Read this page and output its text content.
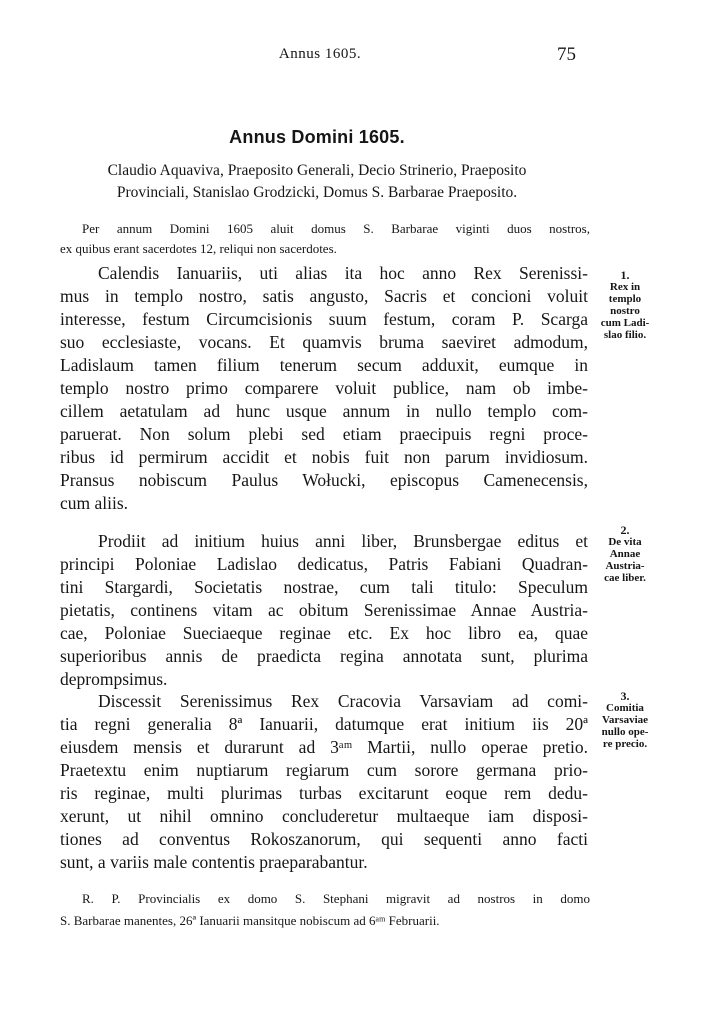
Annus 1605.	75
Annus Domini 1605.
Claudio Aquaviva, Praeposito Generali, Decio Strinerio, Praeposito
Provinciali, Stanislao Grodzicki, Domus S. Barbarae Praeposito.
Per annum Domini 1605 aluit domus S. Barbarae viginti duos nostros,
ex quibus erant sacerdotes 12, reliqui non sacerdotes.
Calendis Ianuariis, uti alias ita hoc anno Rex Serenissi-
mus in templo nostro, satis angusto, Sacris et concioni voluit
interesse, festum Circumcisionis suum festum, coram P. Scarga
suo ecclesiaste, vocans. Et quamvis bruma saeviret admodum,
Ladislaum tamen filium tenerum secum adduxit, eumque in
templo nostro primo comparere voluit publice, nam ob imbe-
cillem aetatulam ad hunc usque annum in nullo templo com-
paruerat. Non solum plebi sed etiam praecipuis regni proce-
ribus id permirum accidit et nobis fuit non parum invidiosum.
Pransus nobiscum Paulus Wołucki, episcopus Camenecensis,
cum aliis.
1.
Rex in
templo
nostro
cum Ladi-
slao filio.
Prodiit ad initium huius anni liber, Brunsbergae editus et
principi Poloniae Ladislao dedicatus, Patris Fabiani Quadran-
tini Stargardi, Societatis nostrae, cum tali titulo: Speculum
pietatis, continens vitam ac obitum Serenissimae Annae Austria-
cae, Poloniae Sueciaeque reginae etc. Ex hoc libro ea, quae
superioribus annis de praedicta regina annotata sunt, plurima
deprompsimus.
2.
De vita
Annae
Austria-
cae liber.
Discessit Serenissimus Rex Cracovia Varsaviam ad comi-
tia regni generalia 8ª Ianuarii, datumque erat initium iis 20ª
eiusdem mensis et durarunt ad 3ᵃᵐ Martii, nullo operae pretio.
Praetextu enim nuptiarum regiarum cum sorore germana prio-
ris reginae, multi plurimas turbas excitarunt eoque rem dedu-
xerunt, ut nihil omnino concluderetur multaeque iam disposi-
tiones ad conventus Rokoszanorum, qui sequenti anno facti
sunt, a variis male contentis praeparabantur.
3.
Comitia
Varsaviae
nullo ope-
re precio.
R. P. Provincialis ex domo S. Stephani migravit ad nostros in domo
S. Barbarae manentes, 26ª Ianuarii mansitque nobiscum ad 6ᵃᵐ Februarii.
